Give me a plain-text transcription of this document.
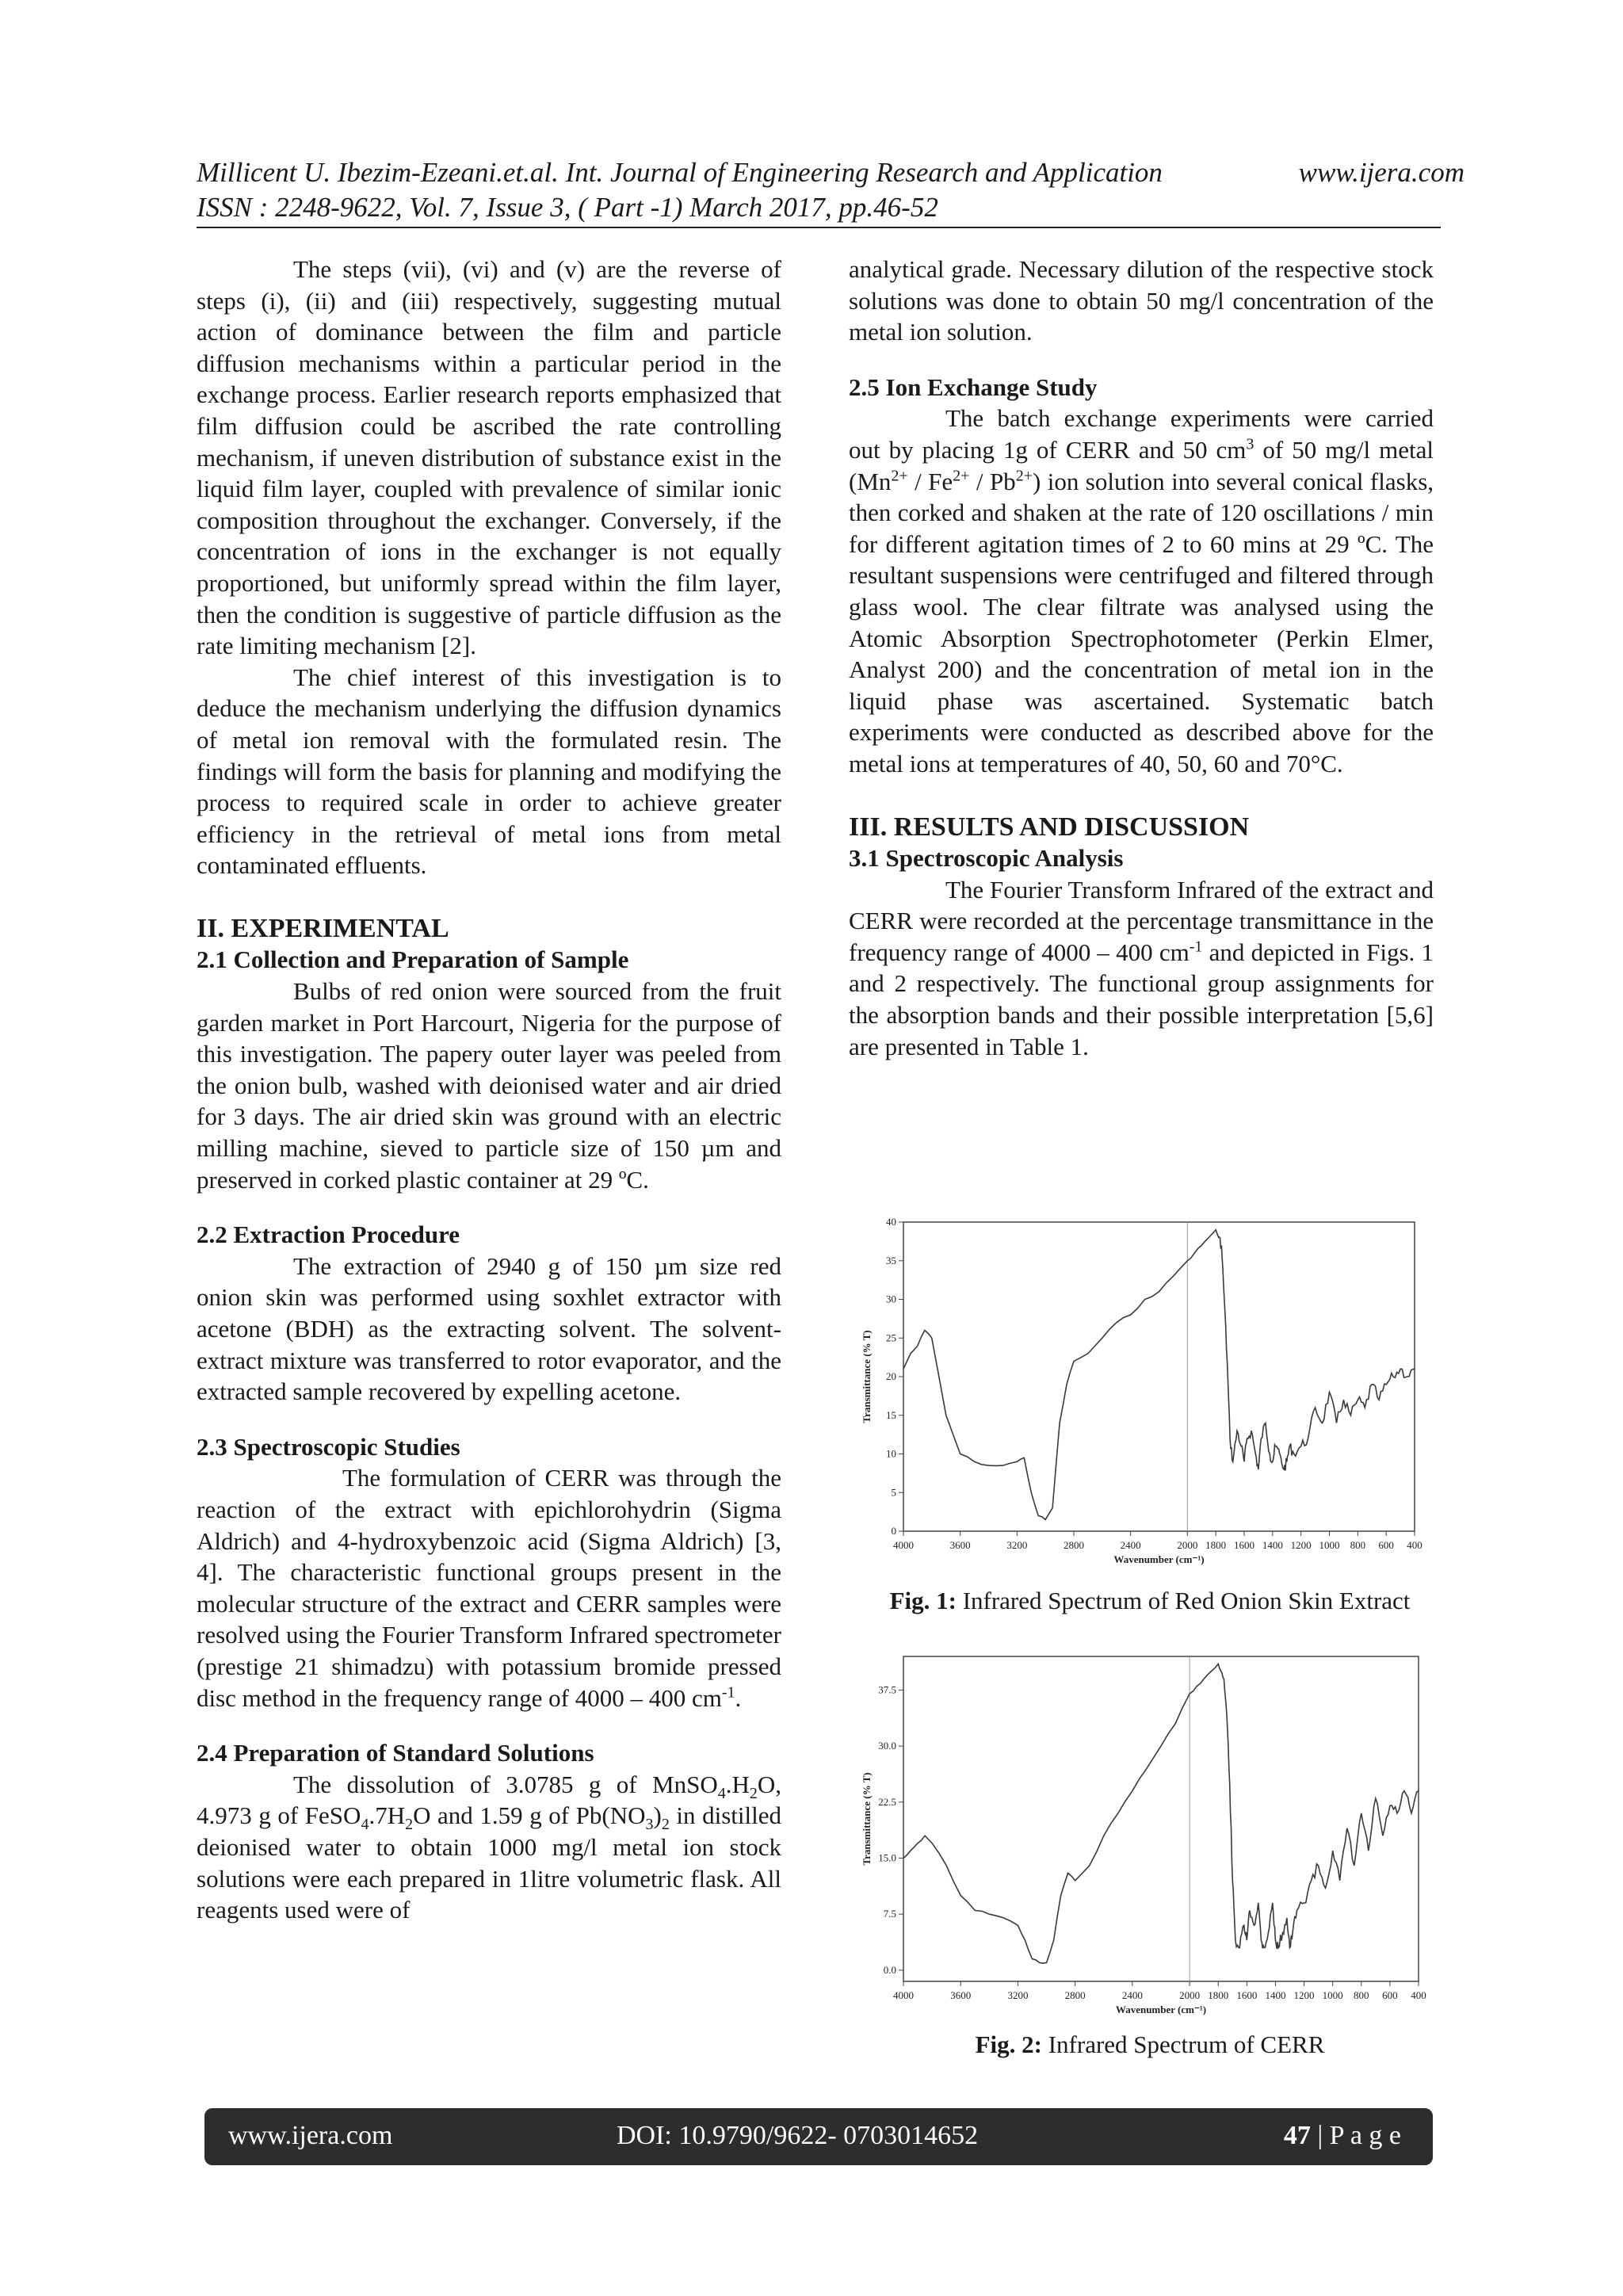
Millicent U. Ibezim-Ezeani.et.al. Int. Journal of Engineering Research and Application	www.ijera.com
ISSN : 2248-9622, Vol. 7, Issue 3, ( Part -1) March 2017, pp.46-52

The steps (vii), (vi) and (v) are the reverse of steps (i), (ii) and (iii) respectively, suggesting mutual action of dominance between the film and particle diffusion mechanisms within a particular period in the exchange process. Earlier research reports emphasized that film diffusion could be ascribed the rate controlling mechanism, if uneven distribution of substance exist in the liquid film layer, coupled with prevalence of similar ionic composition throughout the exchanger. Conversely, if the concentration of ions in the exchanger is not equally proportioned, but uniformly spread within the film layer, then the condition is suggestive of particle diffusion as the rate limiting mechanism [2].

The chief interest of this investigation is to deduce the mechanism underlying the diffusion dynamics of metal ion removal with the formulated resin. The findings will form the basis for planning and modifying the process to required scale in order to achieve greater efficiency in the retrieval of metal ions from metal contaminated effluents.

II. EXPERIMENTAL

2.1 Collection and Preparation of Sample

Bulbs of red onion were sourced from the fruit garden market in Port Harcourt, Nigeria for the purpose of this investigation. The papery outer layer was peeled from the onion bulb, washed with deionised water and air dried for 3 days. The air dried skin was ground with an electric milling machine, sieved to particle size of 150 µm and preserved in corked plastic container at 29 ºC.

2.2 Extraction Procedure

The extraction of 2940 g of 150 µm size red onion skin was performed using soxhlet extractor with acetone (BDH) as the extracting solvent. The solvent-extract mixture was transferred to rotor evaporator, and the extracted sample recovered by expelling acetone.

2.3 Spectroscopic Studies

The formulation of CERR was through the reaction of the extract with epichlorohydrin (Sigma Aldrich) and 4-hydroxybenzoic acid (Sigma Aldrich) [3, 4]. The characteristic functional groups present in the molecular structure of the extract and CERR samples were resolved using the Fourier Transform Infrared spectrometer (prestige 21 shimadzu) with potassium bromide pressed disc method in the frequency range of 4000 – 400 $cm^{-1}$.

2.4 Preparation of Standard Solutions

The dissolution of 3.0785 g of $MnSO_4.H_2O$, 4.973 g of $FeSO_4.7H_2O$ and 1.59 g of $Pb(NO_3)_2$ in distilled deionised water to obtain 1000 mg/l metal ion stock solutions were each prepared in 1litre volumetric flask. All reagents used were of

analytical grade. Necessary dilution of the respective stock solutions was done to obtain 50 mg/l concentration of the metal ion solution.

2.5 Ion Exchange Study

The batch exchange experiments were carried out by placing 1g of CERR and 50 $cm^3$ of 50 mg/l metal $(Mn^{2+} / Fe^{2+} / Pb^{2+})$ ion solution into several conical flasks, then corked and shaken at the rate of 120 oscillations / min for different agitation times of 2 to 60 mins at 29 ºC. The resultant suspensions were centrifuged and filtered through glass wool. The clear filtrate was analysed using the Atomic Absorption Spectrophotometer (Perkin Elmer, Analyst 200) and the concentration of metal ion in the liquid phase was ascertained. Systematic batch experiments were conducted as described above for the metal ions at temperatures of 40, 50, 60 and 70°C.

III. RESULTS AND DISCUSSION

3.1 Spectroscopic Analysis

The Fourier Transform Infrared of the extract and CERR were recorded at the percentage transmittance in the frequency range of 4000 – 400 $cm^{-1}$ and depicted in Figs. 1 and 2 respectively. The functional group assignments for the absorption bands and their possible interpretation [5,6] are presented in Table 1.

4000	3600	3200	2800	2400	2000 1800 1600 1400 1200 1000 800 600 400
0
5
10
15
20
25
30
35
40
Wavenumber (cm⁻¹)
Transmittance (% T)
Fig. 1: Infrared Spectrum of Red Onion Skin Extract
4000	3600	3200	2800	2400	2000 1800 1600 1400 1200 1000 800 600 400
0.0
7.5
15.0
22.5
30.0
37.5
Wavenumber (cm⁻¹)
Transmittance (% T)
Fig. 2: Infrared Spectrum of CERR
www.ijera.com	DOI: 10.9790/9622- 0703014652	47 | P a g e
